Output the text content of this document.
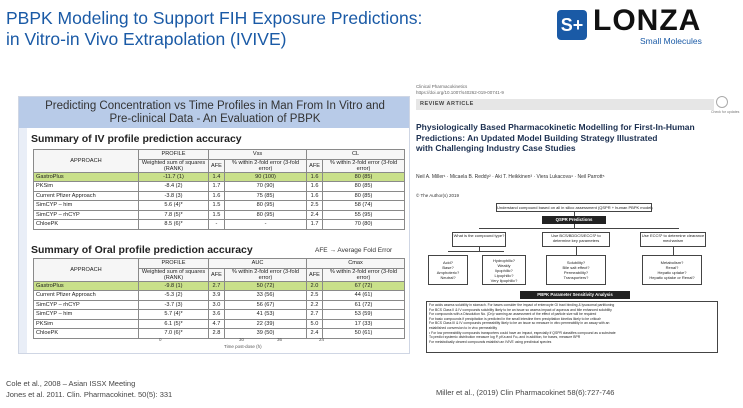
PBPK Modeling to Support FIH Exposure Predictions:
in Vitro-in Vivo Extrapolation (IVIVE)
S+ LONZA
Small Molecules
Predicting Concentration vs Time Profiles in Man From In Vitro and
Pre-clinical Data - An Evaluation of PBPK
Summary of IV profile prediction accuracy
APPROACH	PROFILE	Vss		CL	
	Weighted sum of squares (RANK)	AFE	% within 2-fold error (3-fold error)	AFE	% within 2-fold error (3-fold error)
GastroPlus	-11.7 (1)	1.4	90 (100)	1.6	80 (85)
PKSim	-8.4 (2)	1.7	70 (90)	1.6	80 (85)
Current Pfizer Approach	-3.8 (3)	1.6	75 (85)	1.6	80 (85)
SimCYP – him	5.6 (4)*	1.5	80 (95)	2.5	58 (74)
SimCYP – rhCYP	7.8 (5)*	1.5	80 (95)	2.4	55 (95)
ChloePK	8.5 (6)*	-	-	1.7	70 (80)
Summary of Oral profile prediction accuracy	AFE → Average Fold Error
APPROACH	PROFILE	AUC		Cmax	
	Weighted sum of squares (RANK)	AFE	% within 2-fold error (3-fold error)	AFE	% within 2-fold error (3-fold error)
GastroPlus	-9.8 (1)	2.7	50 (72)	2.0	67 (72)
Current Pfizer Approach	-5.3 (2)	3.9	33 (56)	2.5	44 (61)
SimCYP – rhCYP	-3.7 (3)	3.0	56 (67)	2.2	61 (72)
SimCYP – him	5.7 (4)*	3.6	41 (53)	2.7	53 (59)
PKSim	6.1 (5)*	4.7	22 (39)	5.0	17 (33)
ChloePK	7.0 (6)*	2.8	39 (50)	2.4	50 (61)
0	30	36	24
Time post-dose (h)
Cole et al., 2008 – Asian ISSX Meeting
Jones et al. 2011. Clin. Pharmacokinet. 50(5): 331
Clinical Pharmacokinetics
https://doi.org/10.1007/s40262-019-00741-9
REVIEW ARTICLE
Check for updates
Physiologically Based Pharmacokinetic Modelling for First-In-Human
Predictions: An Updated Model Building Strategy Illustrated
with Challenging Industry Case Studies
Neil A. Miller¹ · Micaela B. Reddy² · Aki T. Heikkinen³ · Viera Lukacova⁴ · Neil Parrott⁵
© The Author(s) 2019
Understand compound based on all in silico assessment (QSPR + human PBPK model)
QSPR Predictions
What is the compound type?	Use BCS/BDDCS/ECCS¹ to determine key parameters
Use ECCS¹ to determine clearance mechanism
Acid?
Base?
Amphoteric?
Neutral?
Hydrophilic?
Weakly
lipophilic?
Lipophilic?
Very lipophilic?
Solubility?
Bile salt effect?
Permeability?
Transporters?
Metabolism?
Renal?
Hepatic uptake?
Hepatic uptake or Renal?
PBPK Parameter Sensitivity Analysis
For acids assess solubility in stomach. For bases consider the impact of enterocyte GI tract binding & lysosomal partitioning
For BCS Class II & IV compounds solubility likely to be an issue so assess impact of aqueous and bile enhanced solubility
For compounds with a Dissolution No. (Dn)² warning an assessment of the effect of particle size will be required
For basic compounds if precipitation is predicted in the small intestine then precipitation kinetics likely to be critical³
For BCS Class III & IV compounds permeability likely to be an issue so measure in vitro permeability in an assay with an
established conversion to in vivo permeability
• For low permeability compounds transporters could have an impact, especially if QSPR classifies compound as a substrate
To predict systemic distribution measure log P, pKa and Fuₚ and in addition, for bases, measure BPR
For metabolically cleared compounds establish an IVIVE using preclinical species
Miller et al., (2019) Clin Pharmacokinet 58(6):727-746
